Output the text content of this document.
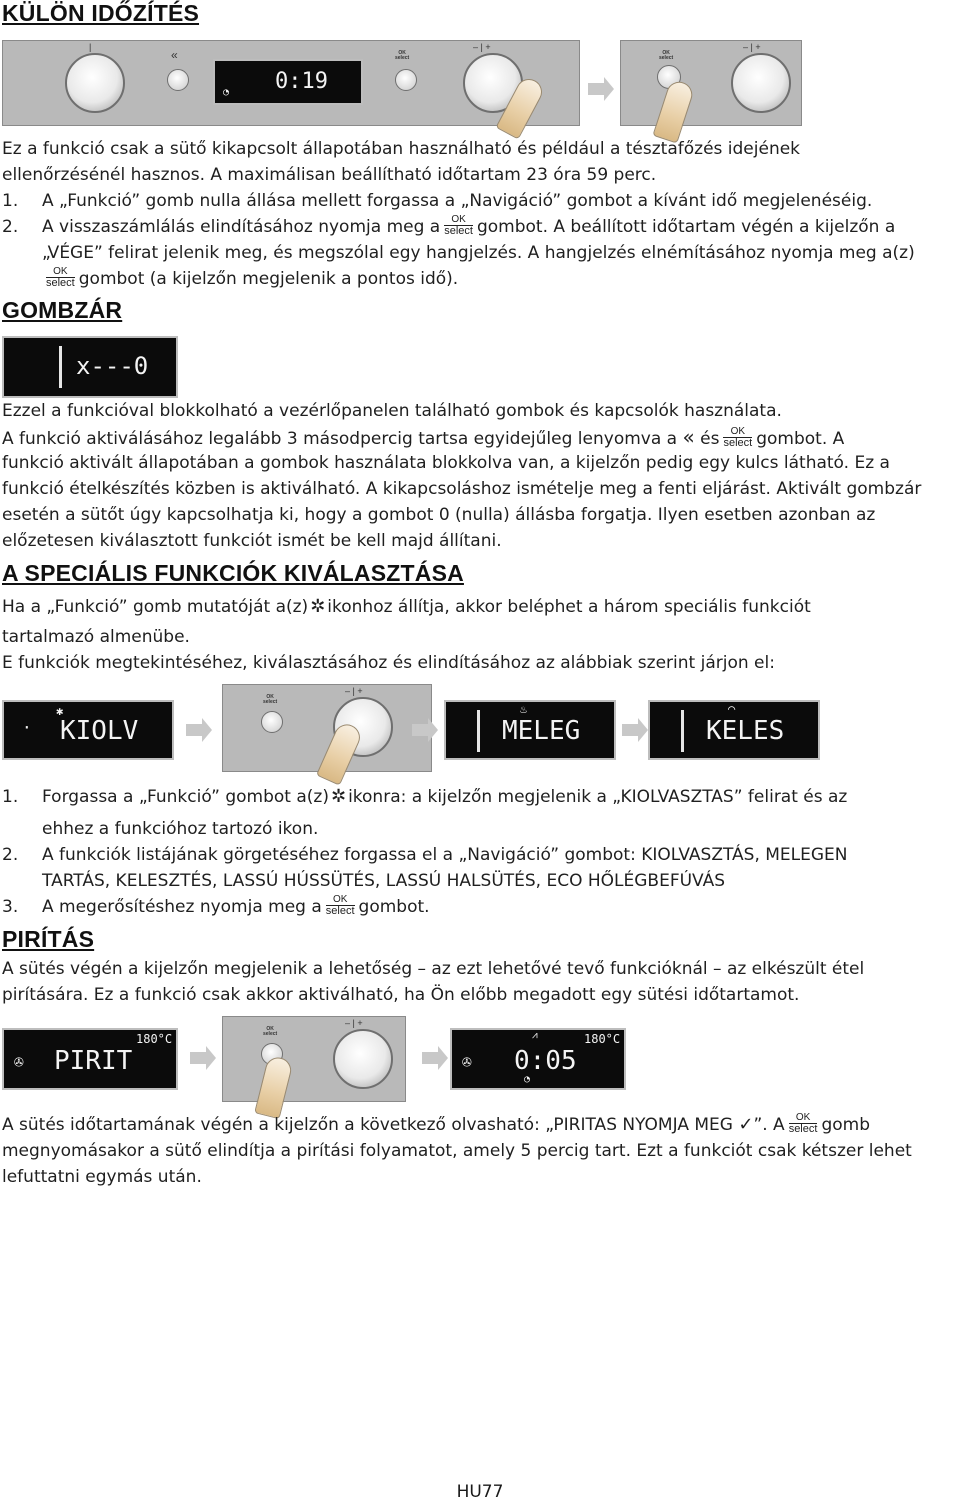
KÜLÖN IDŐZÍTÉS
|
«
0:19
◔
OK
select
– | +
OK
select
– | +
Ez a funkció csak a sütő kikapcsolt állapotában használható és például a tésztafőzés idejének
ellenőrzésénél hasznos. A maximálisan beállítható időtartam 23 óra 59 perc.
1. A „Funkció” gomb nulla állása mellett forgassa a „Navigáció” gombot a kívánt idő megjelenéséig.
2. A visszaszámlálás elindításához nyomja meg a	OK
select gombot. A beállított időtartam végén a kijelzőn a
„VÉGE” felirat jelenik meg, és megszólal egy hangjelzés. A hangjelzés elnémításához nyomja meg a(z)
OK
select gombot (a kijelzőn megjelenik a pontos idő).
GOMBZÁR
x---0
Ezzel a funkcióval blokkolható a vezérlőpanelen található gombok és kapcsolók használata.
A funkció aktiválásához legalább 3 másodpercig tartsa egyidejűleg lenyomva a « és	OK
select gombot. A
funkció aktivált állapotában a gombok használata blokkolva van, a kijelzőn pedig egy kulcs látható. Ez a
funkció ételkészítés közben is aktiválható. A kikapcsoláshoz ismételje meg a fenti eljárást. Aktivált gombzár
esetén a sütőt úgy kapcsolhatja ki, hogy a gombot 0 (nulla) állásba forgatja. Ilyen esetben azonban az
előzetesen kiválasztott funkciót ismét be kell majd állítani.
A SPECIÁLIS FUNKCIÓK KIVÁLASZTÁSA
Ha a „Funkció” gomb mutatóját a(z) ✲ ikonhoz állítja, akkor beléphet a három speciális funkciót
tartalmazó almenübe.
E funkciók megtekintéséhez, kiválasztásához és elindításához az alábbiak szerint járjon el:
·
✱
KIOLV
OK
select
– | +
♨
MELEG
◠
KELES
1. Forgassa a „Funkció” gombot a(z) ✲ ikonra: a kijelzőn megjelenik a „KIOLVASZTAS” felirat és az
ehhez a funkcióhoz tartozó ikon.
2. A funkciók listájának görgetéséhez forgassa el a „Navigáció” gombot: KIOLVASZTÁS, MELEGEN
TARTÁS, KELESZTÉS, LASSÚ HÚSSÜTÉS, LASSÚ HALSÜTÉS, ECO HŐLÉGBEFÚVÁS
3. A megerősítéshez nyomja meg a	OK
select gombot.
PIRÍTÁS
A sütés végén a kijelzőn megjelenik a lehetőség – az ezt lehetővé tevő funkcióknál – az elkészült étel
pirítására. Ez a funkció csak akkor aktiválható, ha Ön előbb megadott egy sütési időtartamot.
✇ PIRIT
180°C
OK
select
– | +
✇ 0:05
⩘	180°C
◔
A sütés időtartamának végén a kijelzőn a következő olvasható: „PIRITAS NYOMJA MEG ✓”. A	OK
select gomb
megnyomásakor a sütő elindítja a pirítási folyamatot, amely 5 percig tart. Ezt a funkciót csak kétszer lehet
lefuttatni egymás után.
HU77
